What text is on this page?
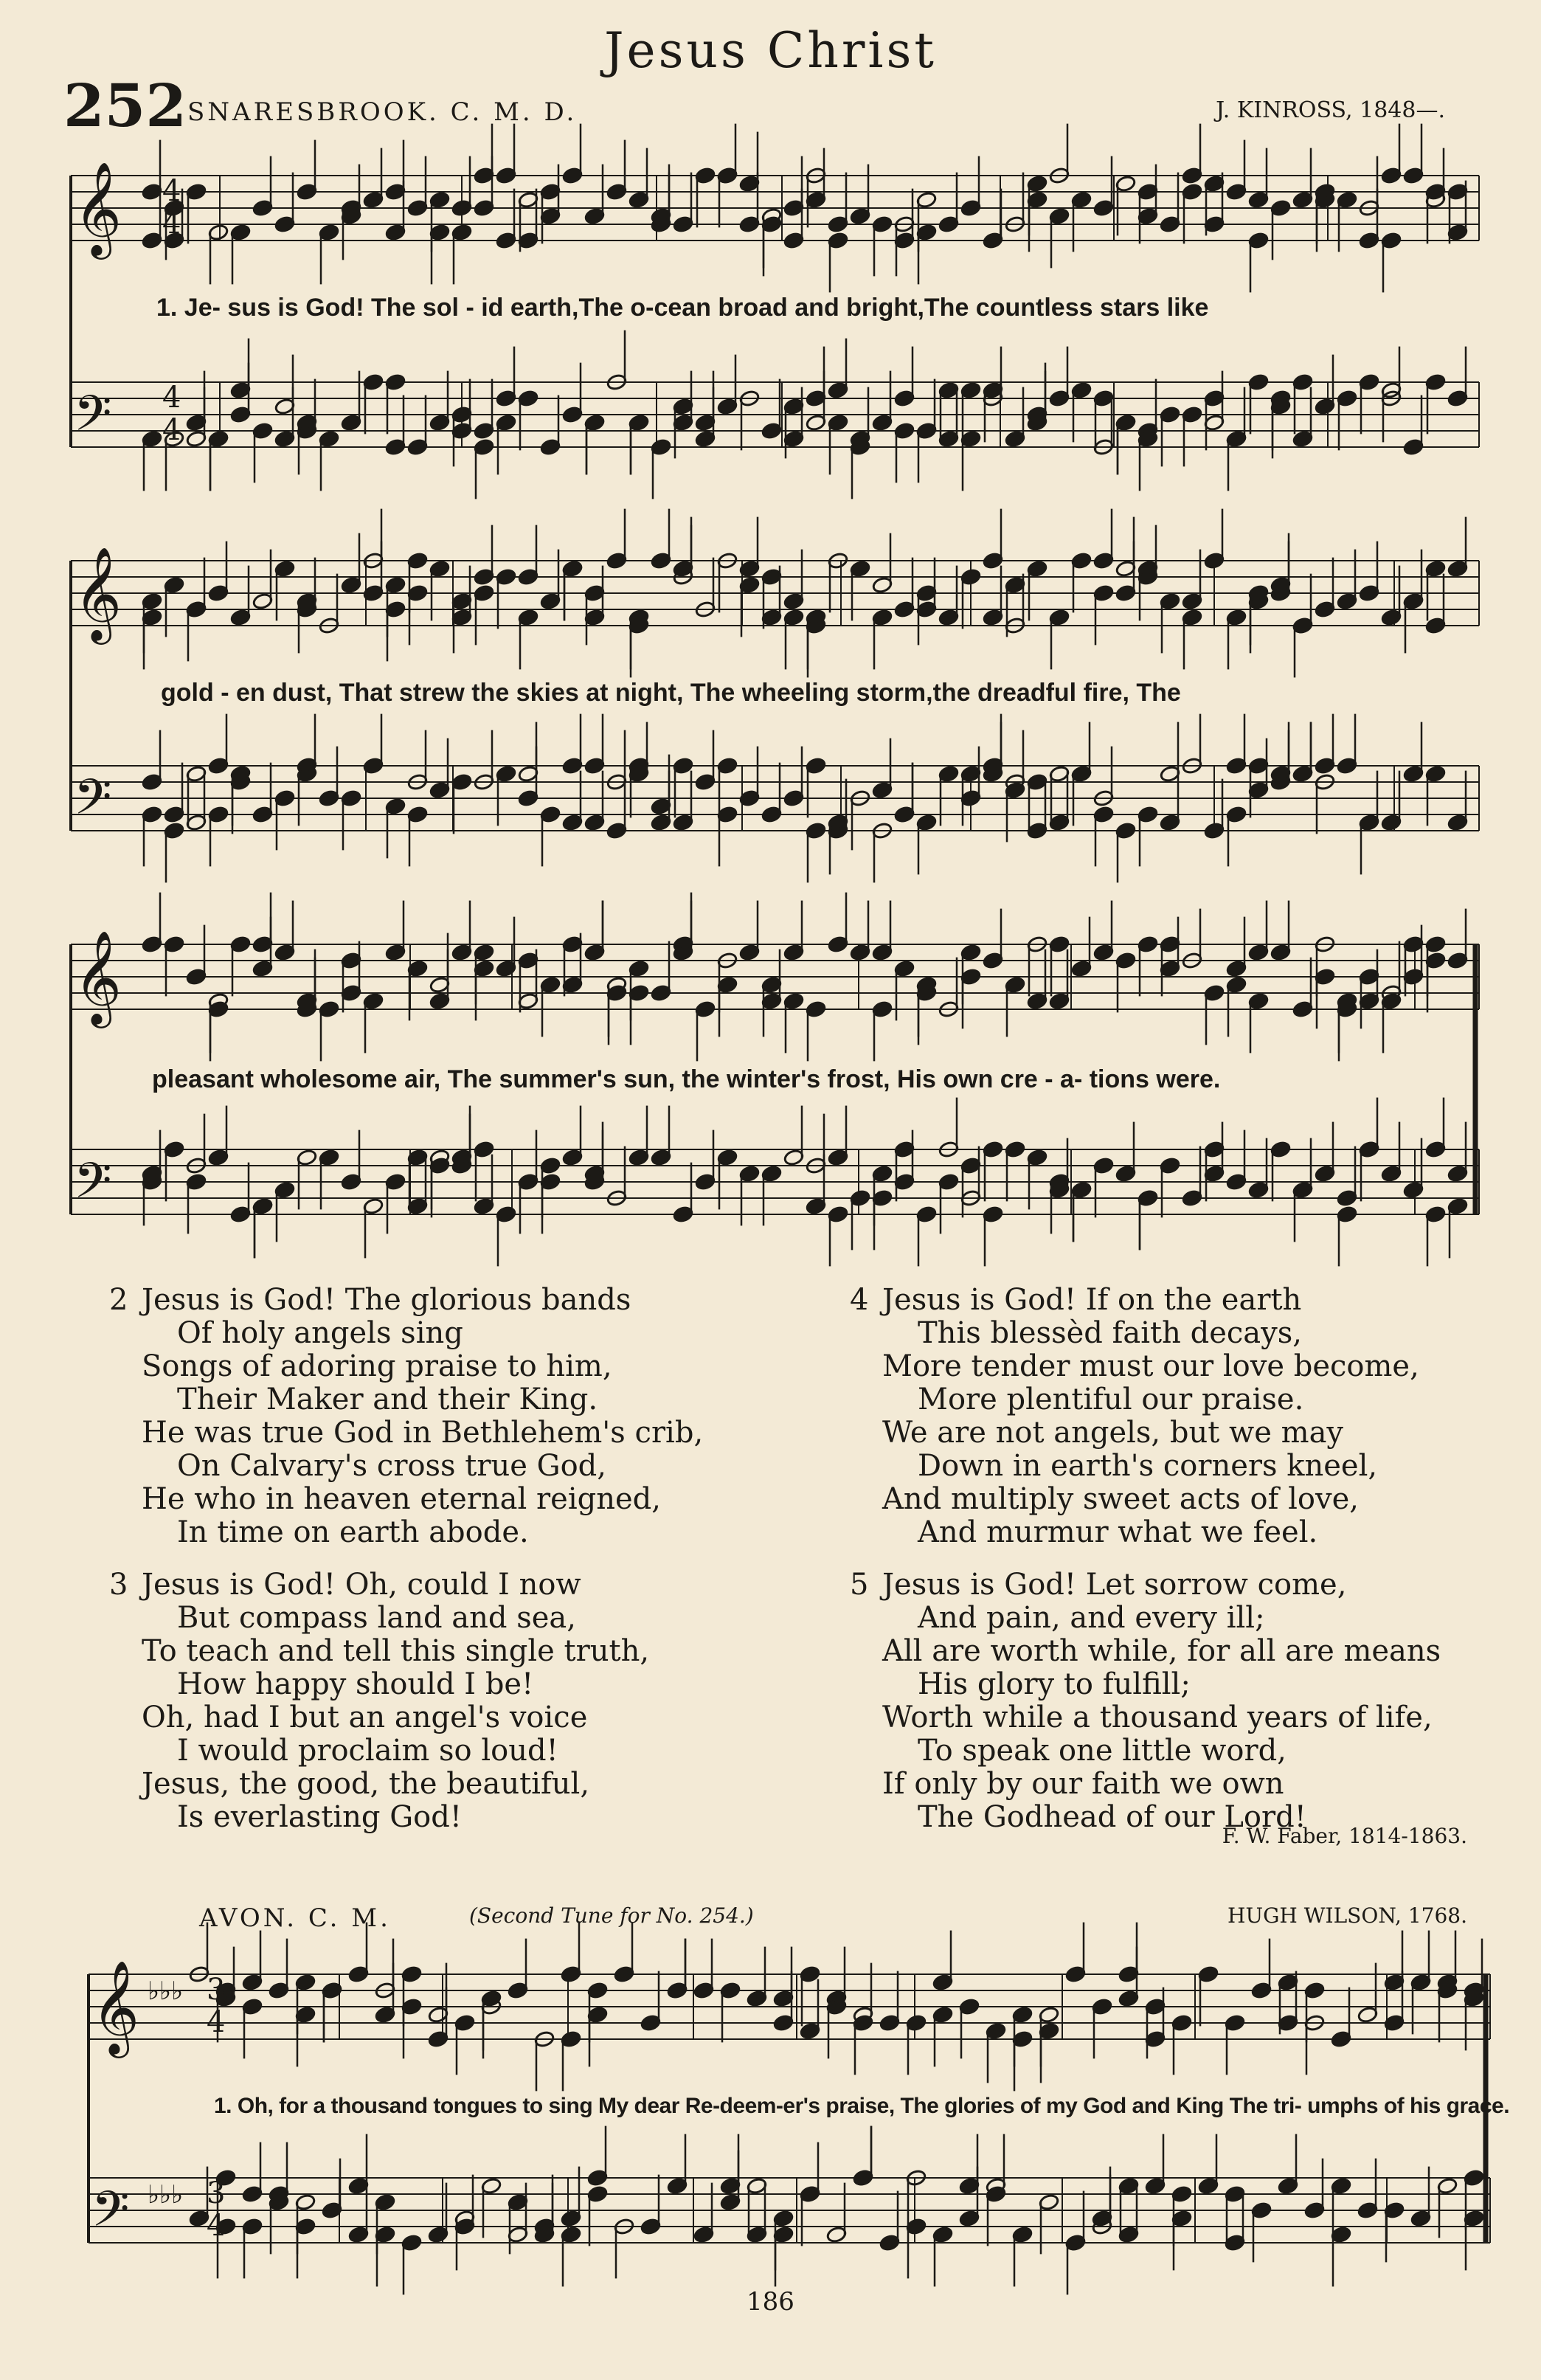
Jesus Christ
252 SNARESBROOK. C. M. D.	J. KINROSS, 1848—.
𝄞
𝄢
4
4
4
4
𝄞
𝄢
𝄞
𝄢
𝄞
𝄢
♭♭♭ 3
4
♭♭♭ 3
4
1. Je- sus is God! The sol - id earth,The o-cean broad and bright,The countless stars like
gold - en dust, That strew the skies at night, The wheeling storm,the dreadful fire, The
pleasant wholesome air, The summer's sun, the winter's frost, His own cre - a- tions were.
2 Jesus is God! The glorious bands
Of holy angels sing
Songs of adoring praise to him,
Their Maker and their King.
He was true God in Bethlehem's crib,
On Calvary's cross true God,
He who in heaven eternal reigned,
In time on earth abode.
3 Jesus is God! Oh, could I now
But compass land and sea,
To teach and tell this single truth,
How happy should I be!
Oh, had I but an angel's voice
I would proclaim so loud!
Jesus, the good, the beautiful,
Is everlasting God!
4 Jesus is God! If on the earth
This blessèd faith decays,
More tender must our love become,
More plentiful our praise.
We are not angels, but we may
Down in earth's corners kneel,
And multiply sweet acts of love,
And murmur what we feel.
5 Jesus is God! Let sorrow come,
And pain, and every ill;
All are worth while, for all are means
His glory to fulfill;
Worth while a thousand years of life,
To speak one little word,
If only by our faith we own
The Godhead of our Lord!
F. W. Faber, 1814-1863.
AVON. C. M.	(Second Tune for No. 254.)	HUGH WILSON, 1768.
1. Oh, for a thousand tongues to sing My dear Re-deem-er's praise, The glories of my God and King The tri- umphs of his grace.
186
